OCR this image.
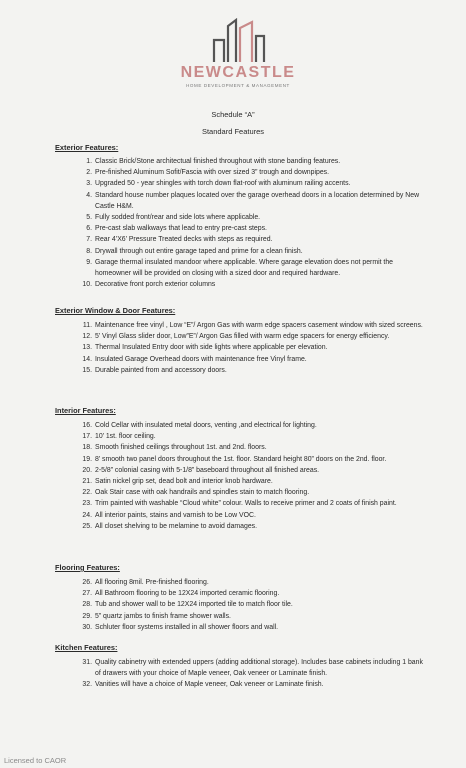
NEWCASTLE
HOME DEVELOPMENT & MANAGEMENT
Schedule “A”
Standard Features
Exterior Features:
1. Classic Brick/Stone architectual finished throughout with stone banding features.
2. Pre-finished Aluminum Sofit/Fascia with over sized 3” trough and downpipes.
3. Upgraded 50 - year shingles with torch down flat-roof with aluminum railing accents.
4. Standard house number plaques located over the garage overhead doors in a location determined by New Castle H&M.
5. Fully sodded front/rear and side lots where applicable.
6. Pre-cast slab walkways that lead to entry pre-cast steps.
7. Rear 4’X6’ Pressure Treated decks with steps as required.
8. Drywall through out entire garage taped and prime for a clean finish.
9. Garage thermal insulated mandoor where applicable. Where garage elevation does not permit the homeowner will be provided on closing with a sized door and required hardware.
10. Decorative front porch exterior columns
Exterior Window & Door Features:
11. Maintenance free vinyl , Low “E”/ Argon Gas with warm edge spacers casement window with sized screens.
12. 5’ Vinyl Glass slider door, Low”E”/ Argon Gas filled with warm edge spacers for energy efficiency.
13. Thermal Insulated Entry door with side lights where applicable per elevation.
14. Insulated Garage Overhead doors with maintenance free Vinyl frame.
15. Durable painted from and accessory doors.
Interior Features:
16. Cold Cellar with insulated metal doors, venting ,and electrical for lighting.
17. 10’ 1st. floor ceiling.
18. Smooth finished ceilings throughout 1st. and 2nd. floors.
19. 8’ smooth two panel doors throughout the 1st. floor. Standard height 80” doors on the 2nd. floor.
20. 2-5/8” colonial casing with 5-1/8” baseboard throughout all finished areas.
21. Satin nickel grip set, dead bolt and interior knob hardware.
22. Oak Stair case with oak handrails and spindles stain to match flooring.
23. Trim painted with washable “Cloud white” colour. Walls to receive primer and 2 coats of finish paint.
24. All interior paints, stains and varnish to be Low VOC.
25. All closet shelving to be melamine to avoid damages.
Flooring Features:
26. All flooring 8mil. Pre-finished flooring.
27. All Bathroom flooring to be 12X24 imported ceramic flooring.
28. Tub and shower wall to be 12X24 imported tile to match floor tile.
29. 5” quartz jambs to finish frame shower walls.
30. Schluter floor systems installed in all shower floors and wall.
Kitchen Features:
31. Quality cabinetry with extended uppers (adding additional storage). Includes base cabinets including 1 bank of drawers with your choice of Maple veneer, Oak veneer or Laminate finish.
32. Vanities will have a choice of Maple veneer, Oak veneer or Laminate finish.
Licensed to CAOR
